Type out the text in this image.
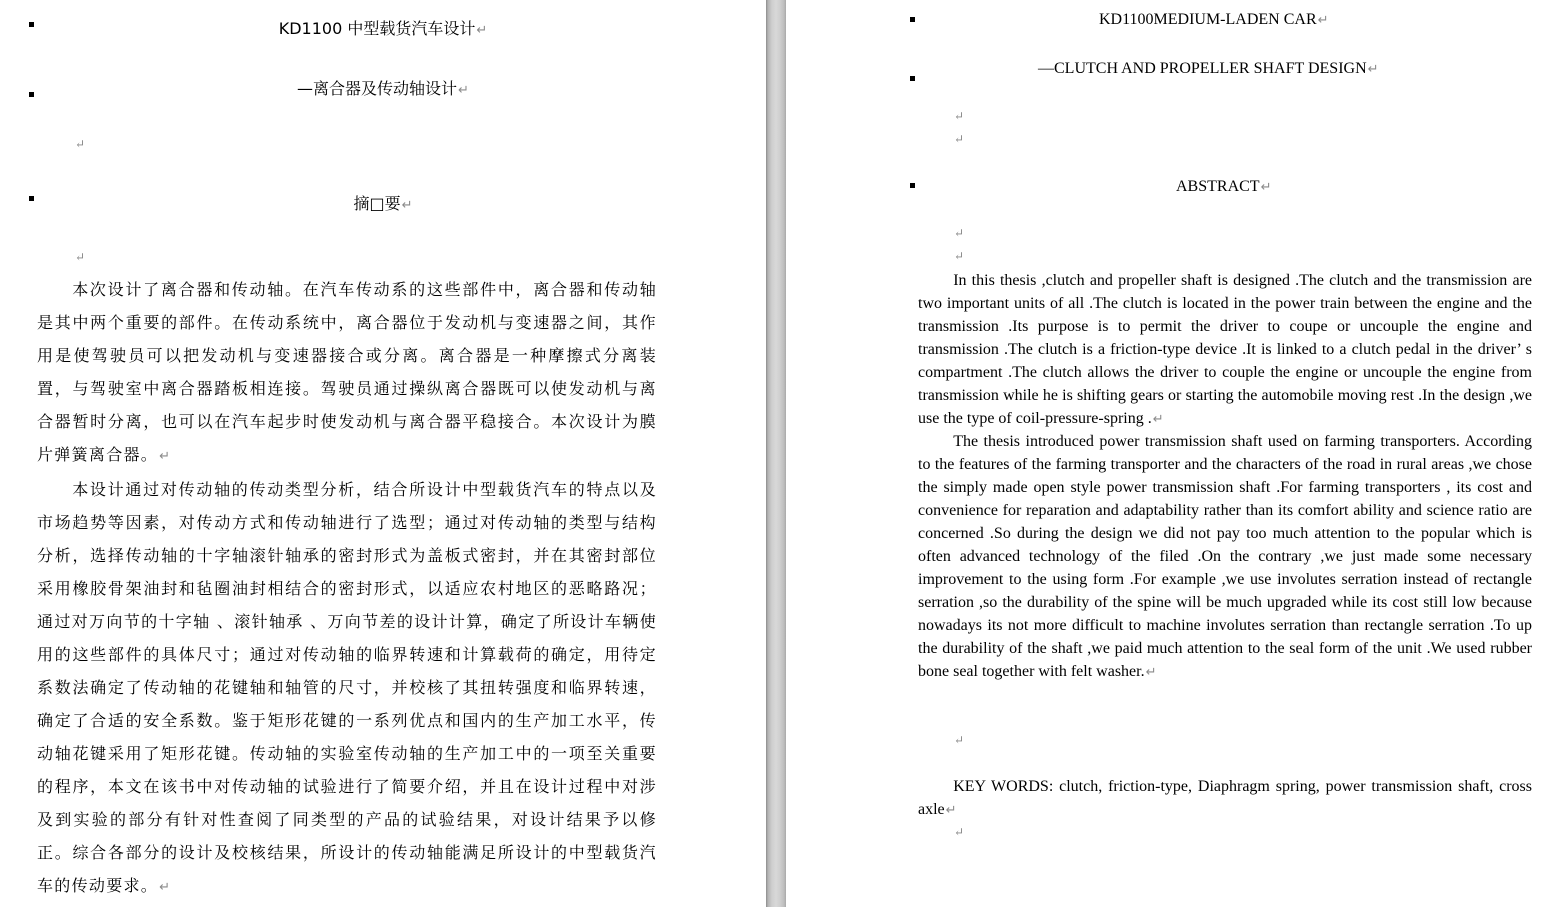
KD1100 中型载货汽车设计↵
—离合器及传动轴设计↵
↵
摘□要↵
↵

本次设计了离合器和传动轴。在汽车传动系的这些部件中，离合器和传动轴是其中两个重要的部件。在传动系统中，离合器位于发动机与变速器之间，其作用是使驾驶员可以把发动机与变速器接合或分离。离合器是一种摩擦式分离装置，与驾驶室中离合器踏板相连接。驾驶员通过操纵离合器既可以使发动机与离合器暂时分离，也可以在汽车起步时使发动机与离合器平稳接合。本次设计为膜片弹簧离合器。↵

本设计通过对传动轴的传动类型分析，结合所设计中型载货汽车的特点以及市场趋势等因素，对传动方式和传动轴进行了选型；通过对传动轴的类型与结构分析，选择传动轴的十字轴滚针轴承的密封形式为盖板式密封，并在其密封部位采用橡胶骨架油封和毡圈油封相结合的密封形式，以适应农村地区的恶略路况；通过对万向节的十字轴 、滚针轴承 、万向节差的设计计算，确定了所设计车辆使用的这些部件的具体尺寸；通过对传动轴的临界转速和计算载荷的确定，用待定系数法确定了传动轴的花键轴和轴管的尺寸，并校核了其扭转强度和临界转速，确定了合适的安全系数。鉴于矩形花键的一系列优点和国内的生产加工水平，传动轴花键采用了矩形花键。传动轴的实验室传动轴的生产加工中的一项至关重要的程序，本文在该书中对传动轴的试验进行了简要介绍，并且在设计过程中对涉及到实验的部分有针对性查阅了同类型的产品的试验结果，对设计结果予以修正。综合各部分的设计及校核结果，所设计的传动轴能满足所设计的中型载货汽车的传动要求。↵

KD1100MEDIUM-LADEN CAR↵
—CLUTCH AND PROPELLER SHAFT DESIGN↵
↵
↵
ABSTRACT↵
↵
↵

In this thesis ,clutch and propeller shaft is designed .The clutch and the transmission are two important units of all .The clutch is located in the power train between the engine and the transmission .Its purpose is to permit the driver to coupe or uncouple the engine and transmission .The clutch is a friction-type device .It is linked to a clutch pedal in the driver’ s compartment .The clutch allows the driver to couple the engine or uncouple the engine from transmission while he is shifting gears or starting the automobile moving rest .In the design ,we use the type of coil-pressure-spring .↵

The thesis introduced power transmission shaft used on farming transporters. According to the features of the farming transporter and the characters of the road in rural areas ,we chose the simply made open style power transmission shaft .For farming transporters , its cost and convenience for reparation and adaptability rather than its comfort ability and science ratio are concerned .So during the design we did not pay too much attention to the popular which is often advanced technology of the filed .On the contrary ,we just made some necessary improvement to the using form .For example ,we use involutes serration instead of rectangle serration ,so the durability of the spine will be much upgraded while its cost still low because nowadays its not more difficult to machine involutes serration than rectangle serration .To up the durability of the shaft ,we paid much attention to the seal form of the unit .We used rubber bone seal together with felt washer.↵

↵

KEY WORDS: clutch, friction-type, Diaphragm spring, power transmission shaft, cross axle↵

↵
